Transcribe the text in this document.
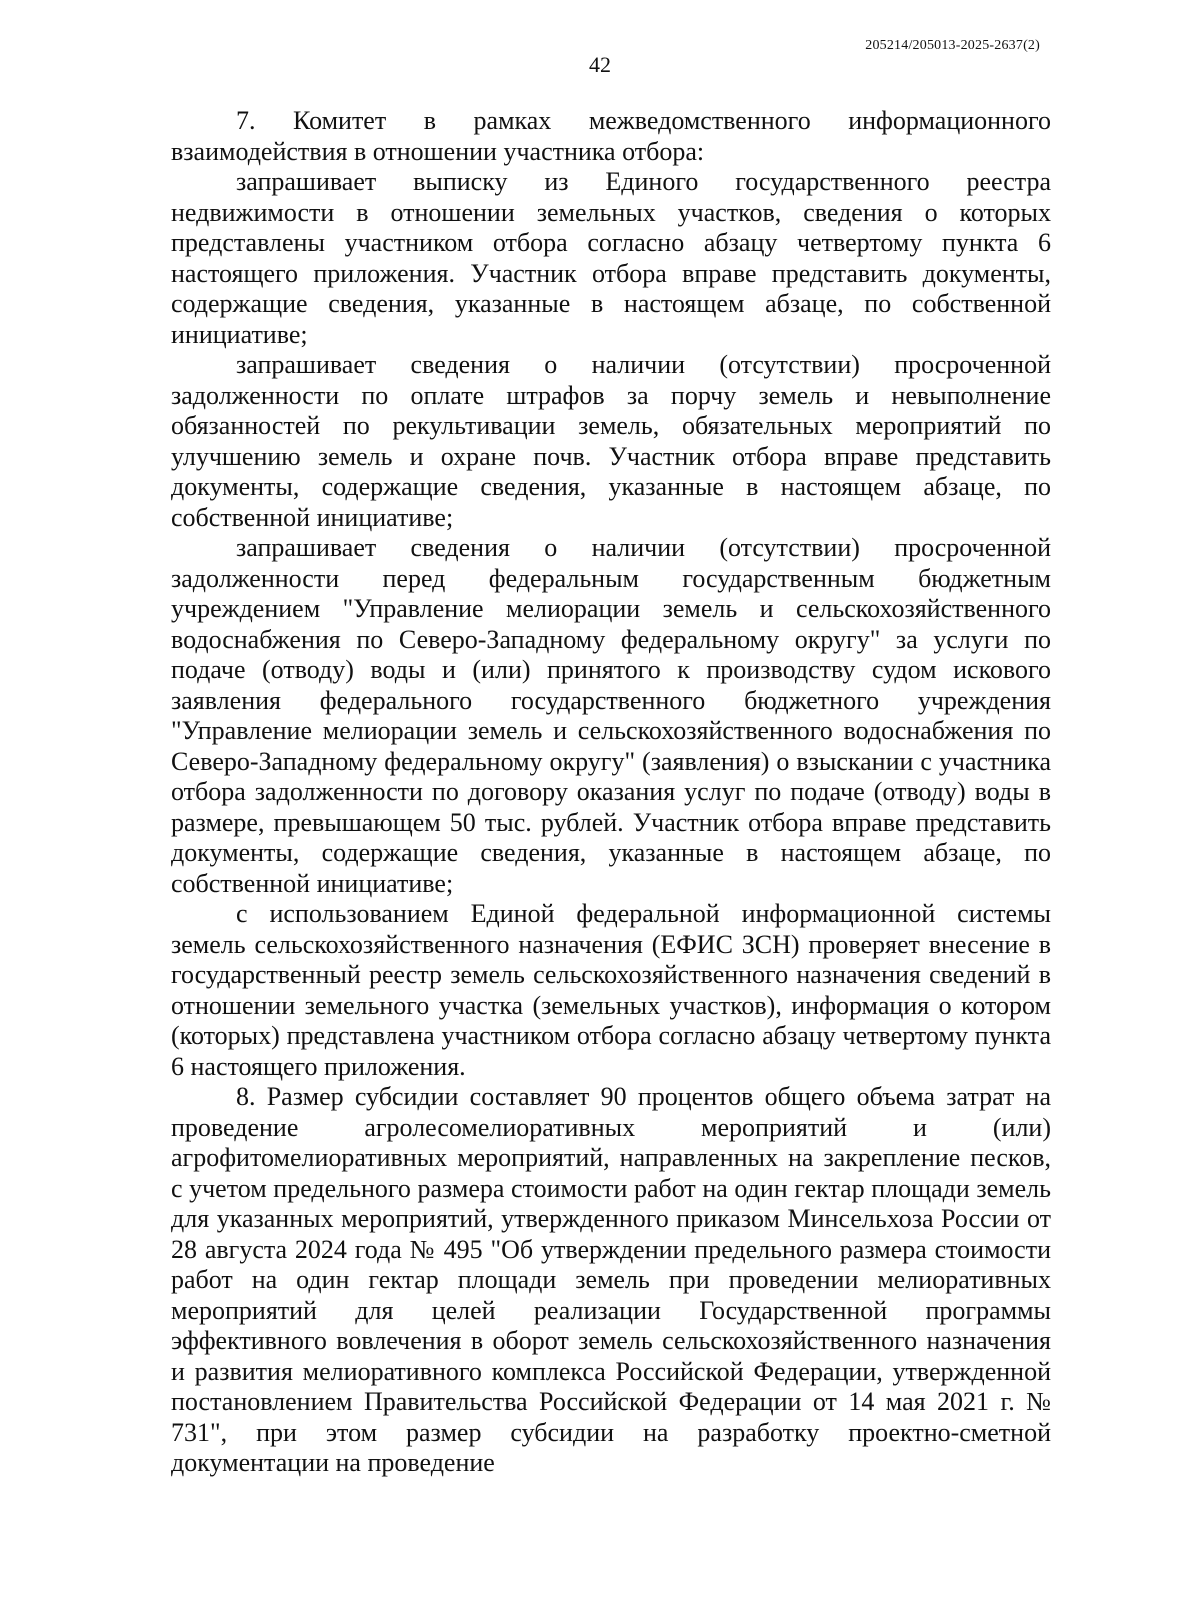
205214/205013-2025-2637(2)
42

7. Комитет в рамках межведомственного информационного взаимодействия в отношении участника отбора:

запрашивает выписку из Единого государственного реестра недвижимости в отношении земельных участков, сведения о которых представлены участником отбора согласно абзацу четвертому пункта 6 настоящего приложения. Участник отбора вправе представить документы, содержащие сведения, указанные в настоящем абзаце, по собственной инициативе;

запрашивает сведения о наличии (отсутствии) просроченной задолженности по оплате штрафов за порчу земель и невыполнение обязанностей по рекультивации земель, обязательных мероприятий по улучшению земель и охране почв. Участник отбора вправе представить документы, содержащие сведения, указанные в настоящем абзаце, по собственной инициативе;

запрашивает сведения о наличии (отсутствии) просроченной задолженности перед федеральным государственным бюджетным учреждением "Управление мелиорации земель и сельскохозяйственного водоснабжения по Северо-Западному федеральному округу" за услуги по подаче (отводу) воды и (или) принятого к производству судом искового заявления федерального государственного бюджетного учреждения "Управление мелиорации земель и сельскохозяйственного водоснабжения по Северо-Западному федеральному округу" (заявления) о взыскании с участника отбора задолженности по договору оказания услуг по подаче (отводу) воды в размере, превышающем 50 тыс. рублей. Участник отбора вправе представить документы, содержащие сведения, указанные в настоящем абзаце, по собственной инициативе;

с использованием Единой федеральной информационной системы земель сельскохозяйственного назначения (ЕФИС ЗСН) проверяет внесение в государственный реестр земель сельскохозяйственного назначения сведений в отношении земельного участка (земельных участков), информация о котором (которых) представлена участником отбора согласно абзацу четвертому пункта 6 настоящего приложения.

8. Размер субсидии составляет 90 процентов общего объема затрат на проведение агролесомелиоративных мероприятий и (или) агрофитомелиоративных мероприятий, направленных на закрепление песков, с учетом предельного размера стоимости работ на один гектар площади земель для указанных мероприятий, утвержденного приказом Минсельхоза России от 28 августа 2024 года № 495 "Об утверждении предельного размера стоимости работ на один гектар площади земель при проведении мелиоративных мероприятий для целей реализации Государственной программы эффективного вовлечения в оборот земель сельскохозяйственного назначения и развития мелиоративного комплекса Российской Федерации, утвержденной постановлением Правительства Российской Федерации от 14 мая 2021 г. № 731", при этом размер субсидии на разработку проектно-сметной документации на проведение
